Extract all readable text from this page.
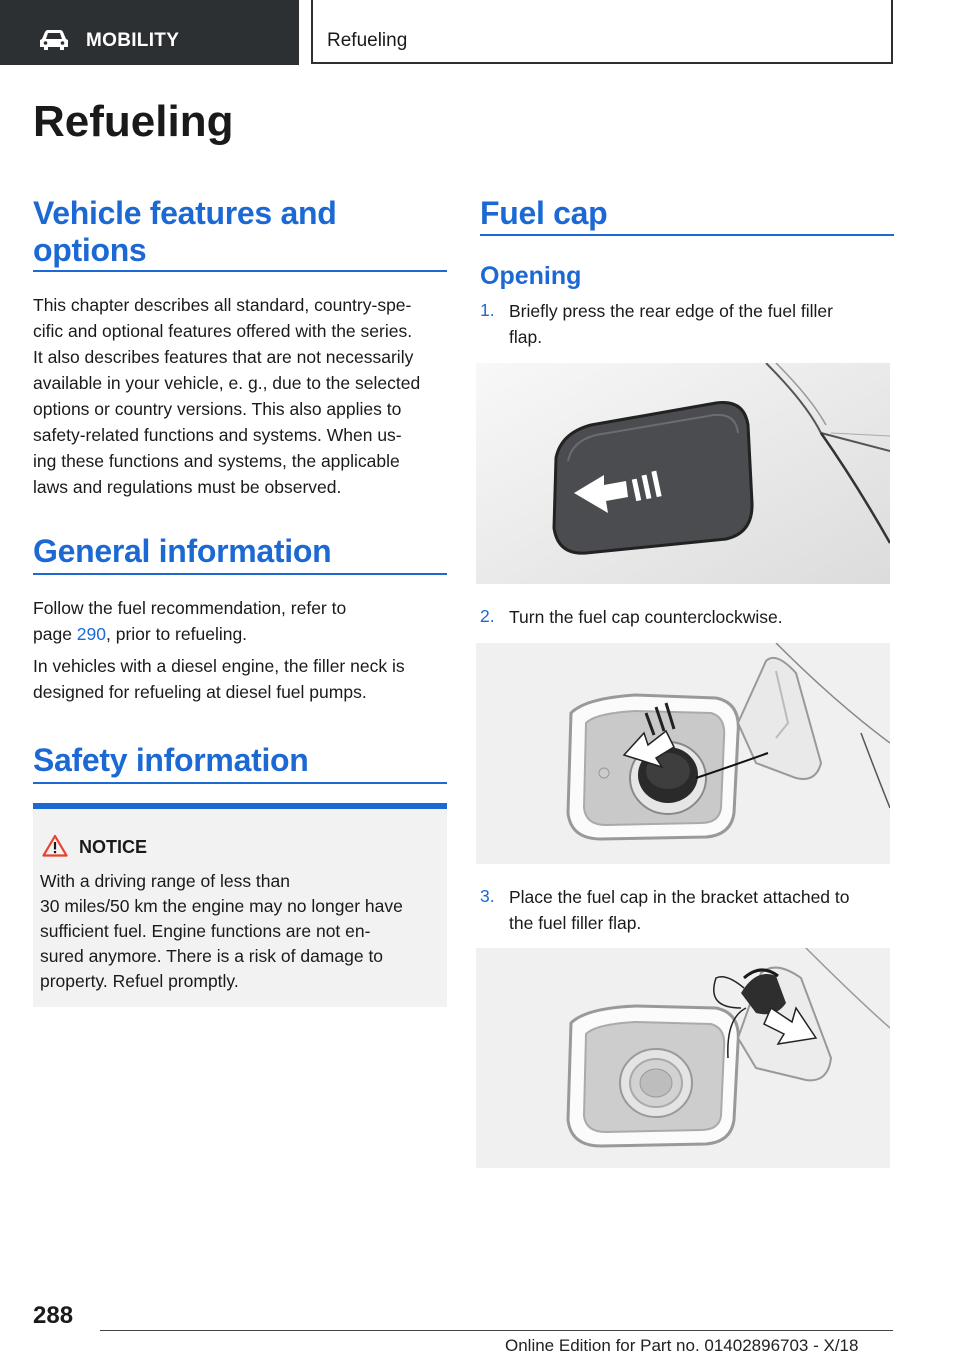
MOBILITY	Refueling
Refueling
Vehicle features and
options
This chapter describes all standard, country-spe-
cific and optional features offered with the series.
It also describes features that are not necessarily
available in your vehicle, e. g., due to the selected
options or country versions. This also applies to
safety-related functions and systems. When us-
ing these functions and systems, the applicable
laws and regulations must be observed.
General information
Follow the fuel recommendation, refer to
page 290, prior to refueling.
In vehicles with a diesel engine, the filler neck is
designed for refueling at diesel fuel pumps.
Safety information
NOTICE
With a driving range of less than
30 miles/50 km the engine may no longer have
sufficient fuel. Engine functions are not en-
sured anymore. There is a risk of damage to
property. Refuel promptly.
Fuel cap
Opening
1. Briefly press the rear edge of the fuel filler
flap.
2. Turn the fuel cap counterclockwise.
3. Place the fuel cap in the bracket attached to
the fuel filler flap.
288
Online Edition for Part no. 01402896703 - X/18
